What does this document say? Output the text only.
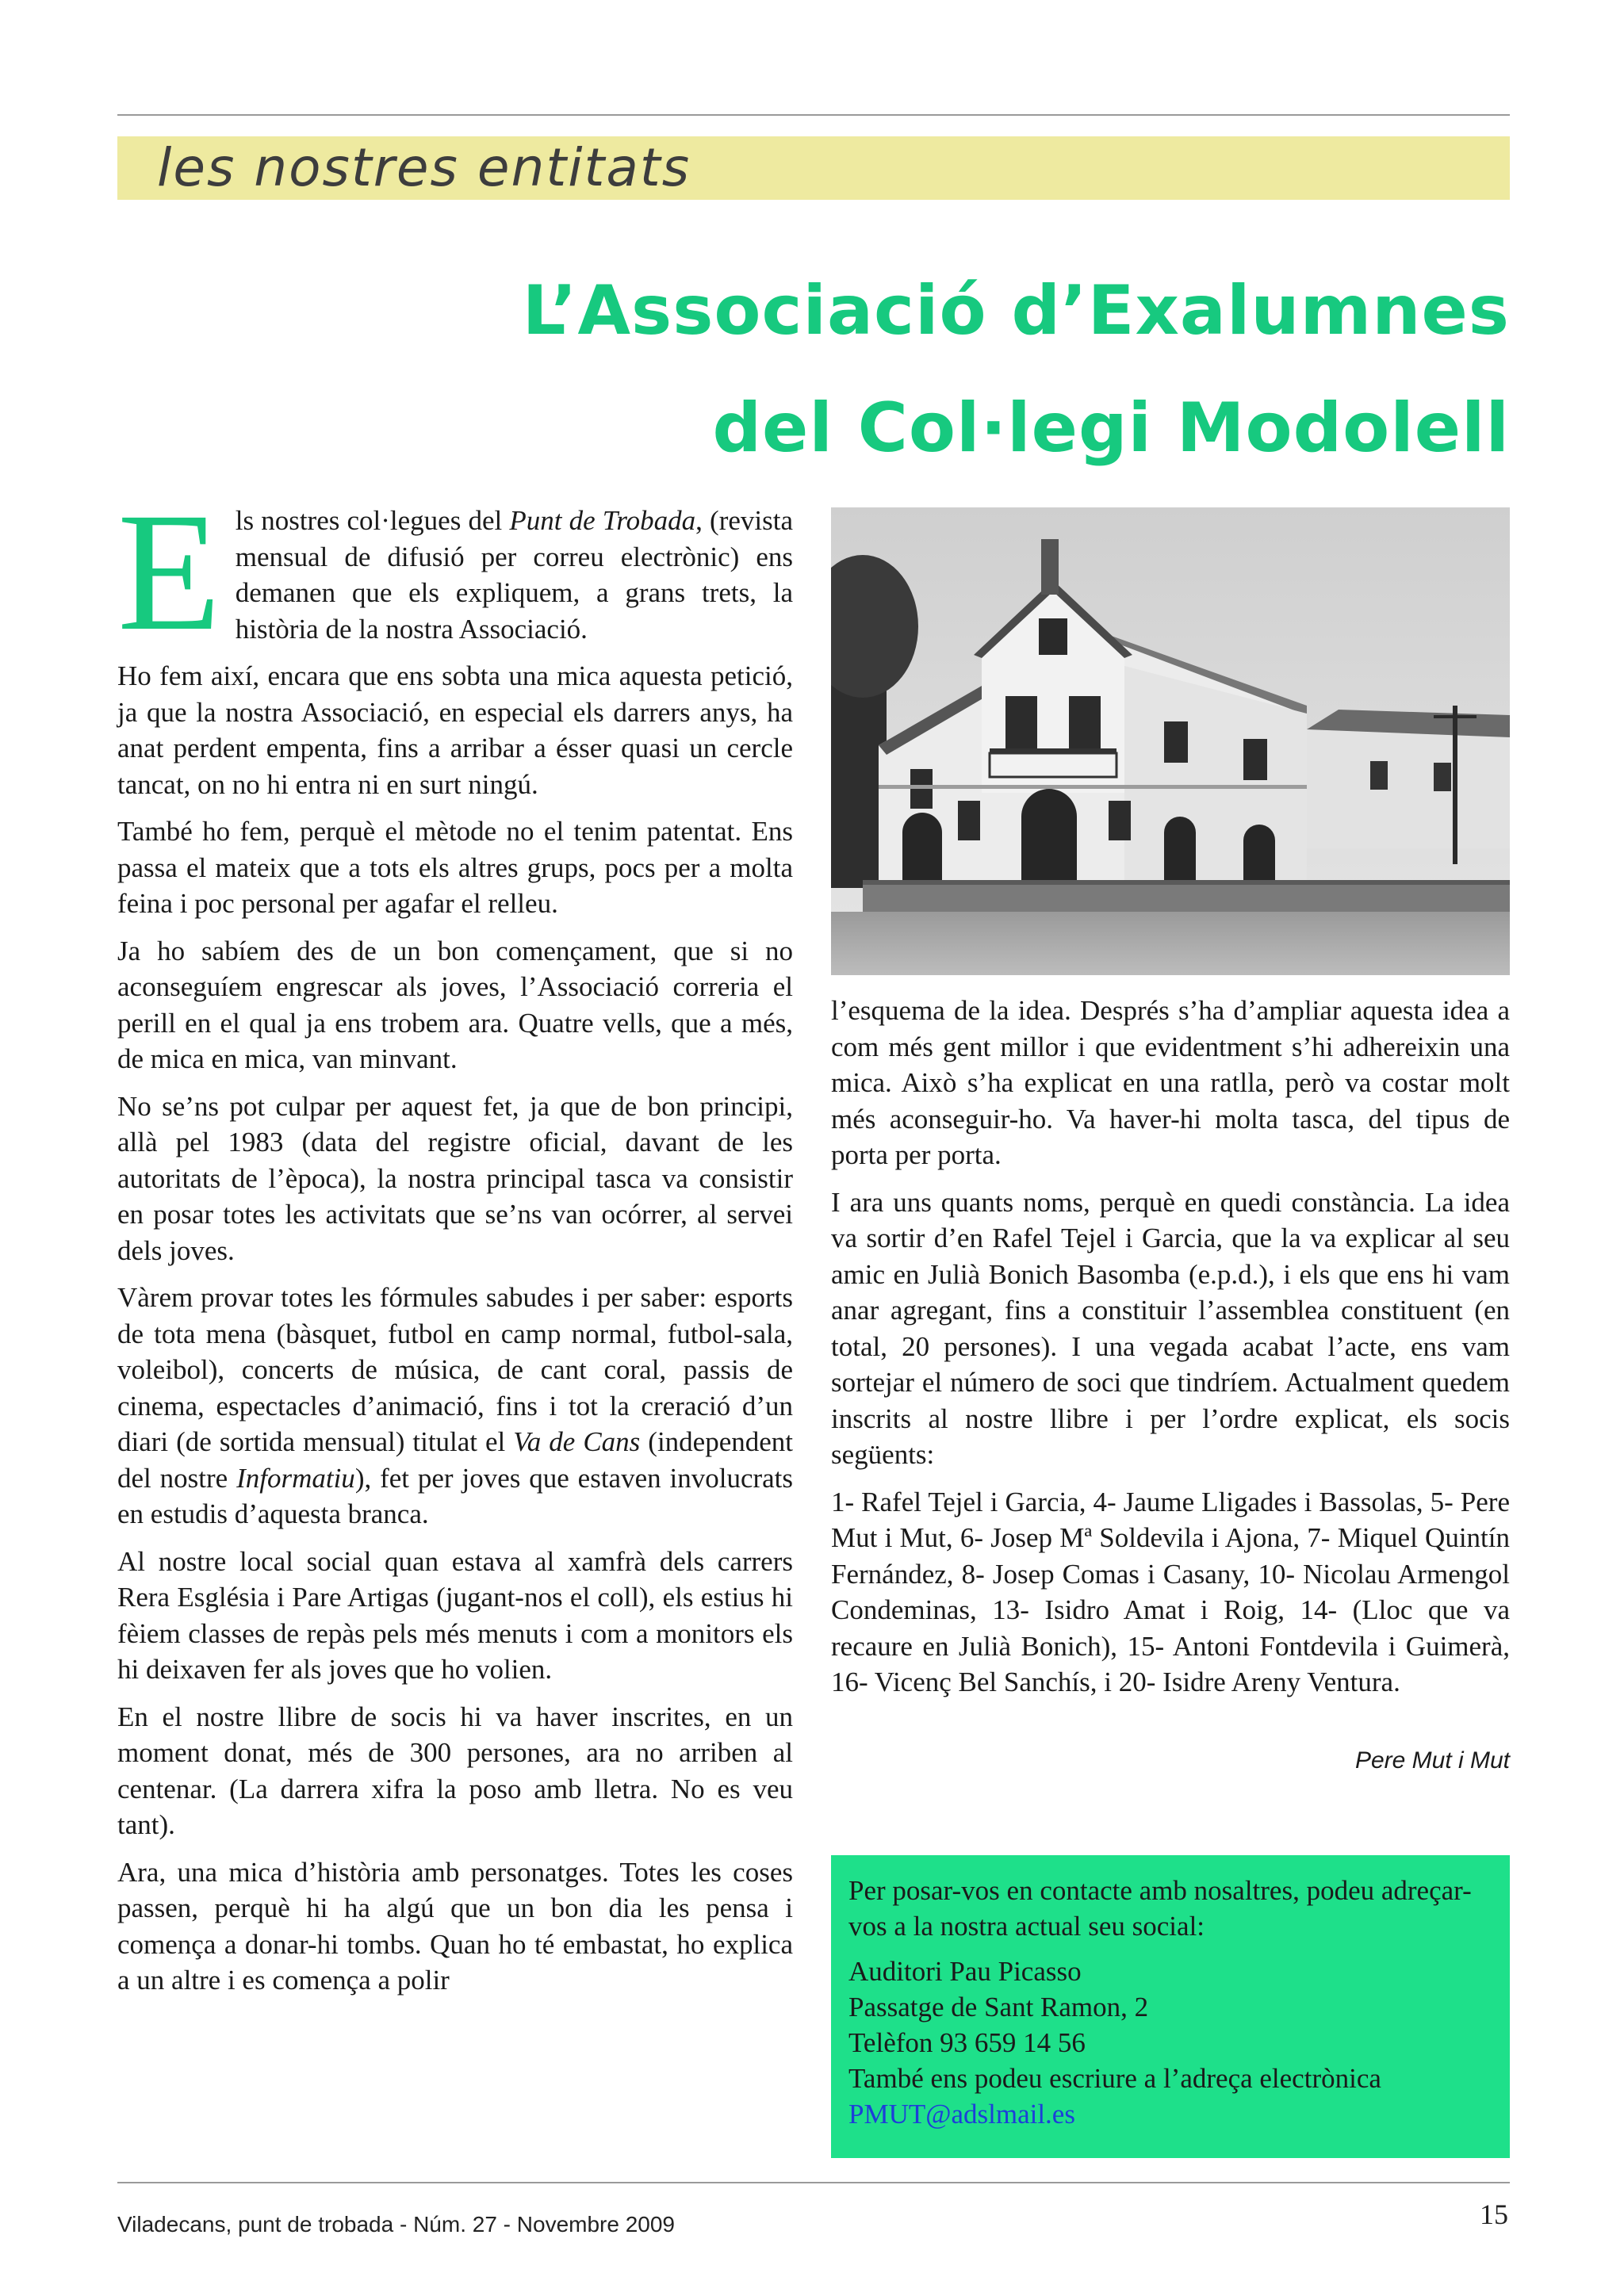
les nostres entitats
L’Associació d’Exalumnes
del Col·legi Modolell

Els nostres col·legues del Punt de Trobada, (revista mensual de difusió per correu electrònic) ens demanen que els expliquem, a grans trets, la història de la nostra Associació.

Ho fem així, encara que ens sobta una mica aquesta petició, ja que la nostra Associació, en especial els darrers anys, ha anat perdent empenta, fins a arribar a ésser quasi un cercle tancat, on no hi entra ni en surt ningú.

També ho fem, perquè el mètode no el tenim patentat. Ens passa el mateix que a tots els altres grups, pocs per a molta feina i poc personal per agafar el relleu.

Ja ho sabíem des de un bon començament, que si no aconseguíem engrescar als joves, l’Associació correria el perill en el qual ja ens trobem ara. Quatre vells, que a més, de mica en mica, van minvant.

No se’ns pot culpar per aquest fet, ja que de bon principi, allà pel 1983 (data del registre oficial, davant de les autoritats de l’època), la nostra principal tasca va consistir en posar totes les activitats que se’ns van ocórrer, al servei dels joves.

Vàrem provar totes les fórmules sabudes i per saber: esports de tota mena (bàsquet, futbol en camp normal, futbol-sala, voleibol), concerts de música, de cant coral, passis de cinema, espectacles d’animació, fins i tot la creració d’un diari (de sortida mensual) titulat el Va de Cans (independent del nostre Informatiu), fet per joves que estaven involucrats en estudis d’aquesta branca.

Al nostre local social quan estava al xamfrà dels carrers Rera Església i Pare Artigas (jugant-nos el coll), els estius hi fèiem classes de repàs pels més menuts i com a monitors els hi deixaven fer als joves que ho volien.

En el nostre llibre de socis hi va haver inscrites, en un moment donat, més de 300 persones, ara no arriben al centenar. (La darrera xifra la poso amb lletra. No es veu tant).

Ara, una mica d’història amb personatges. Totes les coses passen, perquè hi ha algú que un bon dia les pensa i comença a donar-hi tombs. Quan ho té embastat, ho explica a un altre i es comença a polir

l’esquema de la idea. Després s’ha d’ampliar aquesta idea a com més gent millor i que evidentment s’hi adhereixin una mica. Això s’ha explicat en una ratlla, però va costar molt més aconseguir-ho. Va haver-hi molta tasca, del tipus de porta per porta.

I ara uns quants noms, perquè en quedi constància. La idea va sortir d’en Rafel Tejel i Garcia, que la va explicar al seu amic en Julià Bonich Basomba (e.p.d.), i els que ens hi vam anar agregant, fins a constituir l’assemblea constituent (en total, 20 persones). I una vegada acabat l’acte, ens vam sortejar el número de soci que tindríem. Actualment quedem inscrits al nostre llibre i per l’ordre explicat, els socis següents:

1- Rafel Tejel i Garcia, 4- Jaume Lligades i Bassolas, 5- Pere Mut i Mut, 6- Josep Mª Soldevila i Ajona, 7- Miquel Quintín Fernández, 8- Josep Comas i Casany, 10- Nicolau Armengol Condeminas, 13- Isidro Amat i Roig, 14- (Lloc que va recaure en Julià Bonich), 15- Antoni Fontdevila i Guimerà, 16- Vicenç Bel Sanchís, i 20- Isidre Areny Ventura.

Pere Mut i Mut

Per posar-vos en contacte amb nosaltres, podeu adreçar-vos a la nostra actual seu social:

Auditori Pau Picasso
Passatge de Sant Ramon, 2
Telèfon 93 659 14 56
També ens podeu escriure a l’adreça electrònica
PMUT@adslmail.es

Viladecans, punt de trobada - Núm. 27 - Novembre 2009	15
